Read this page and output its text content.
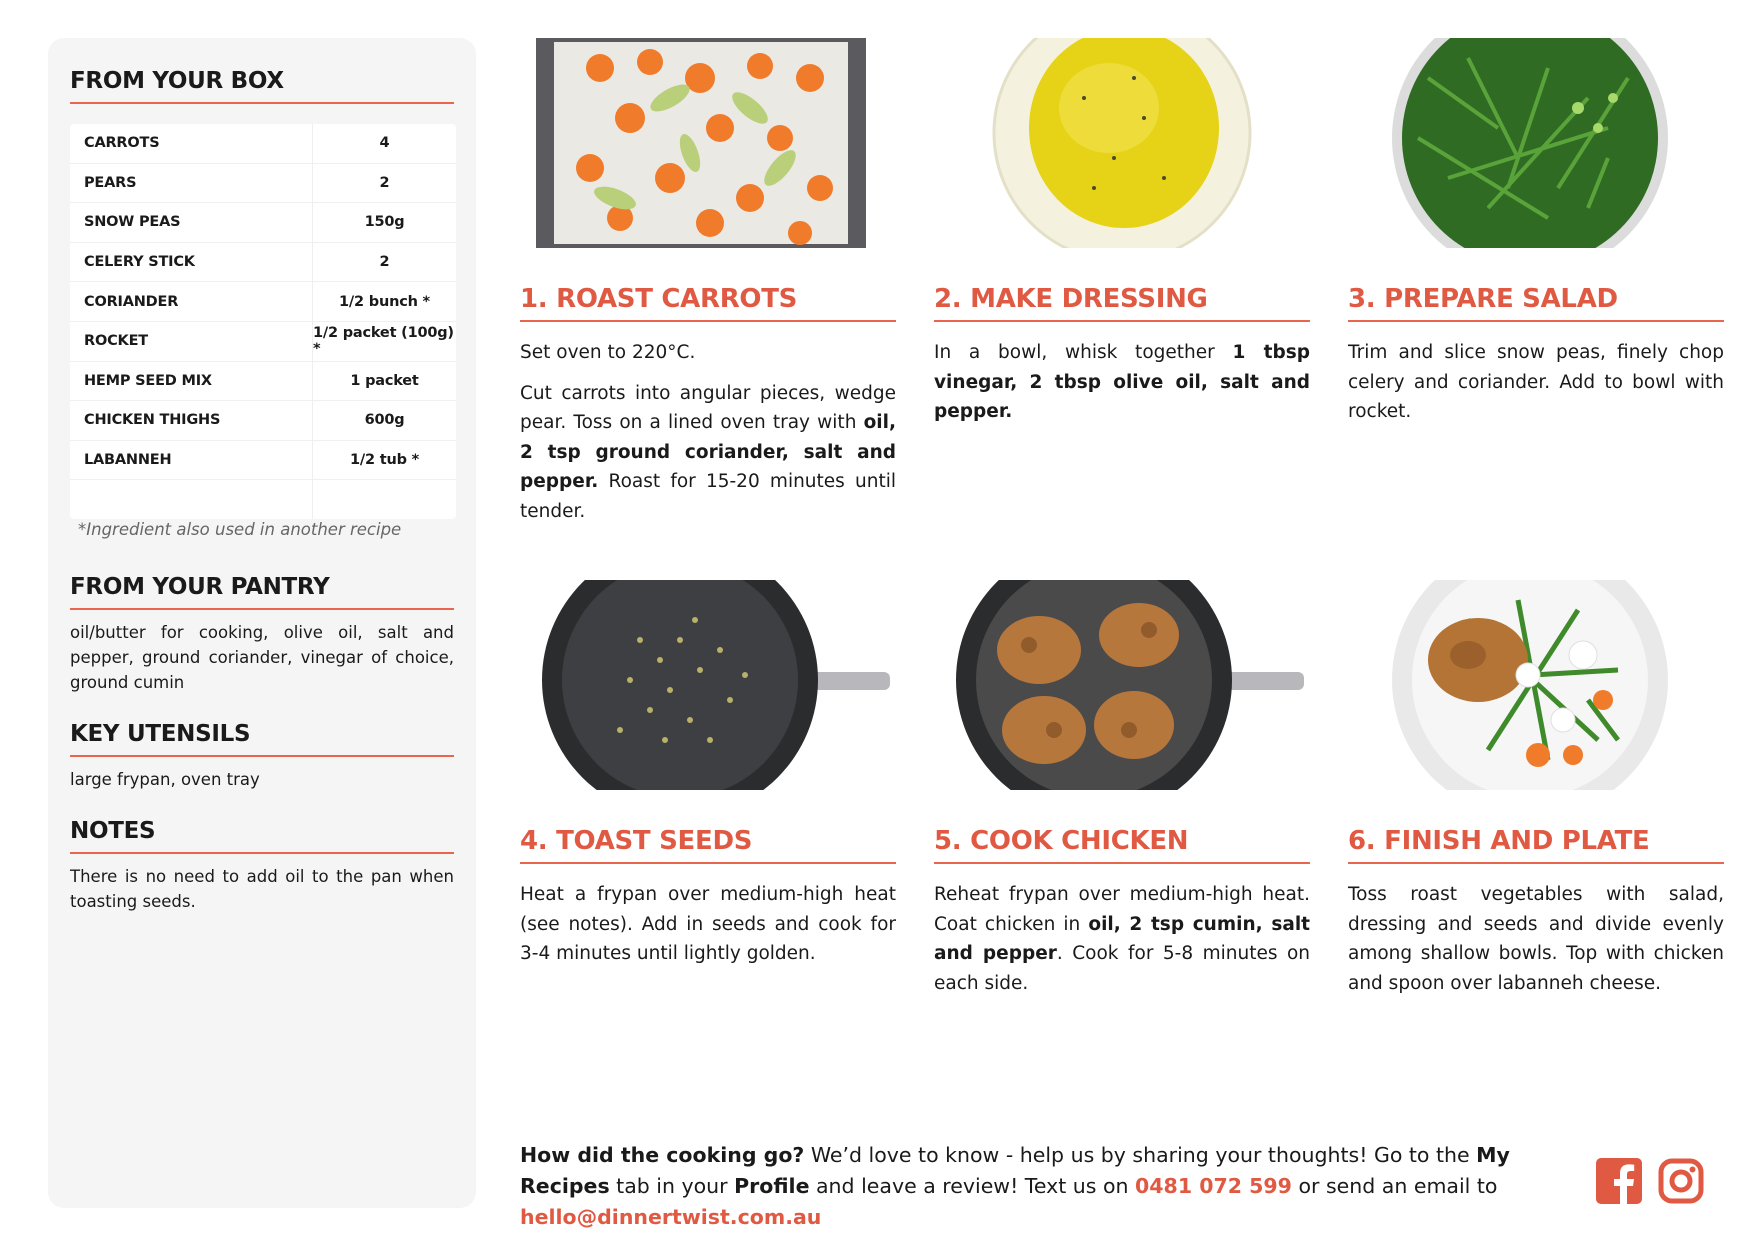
FROM YOUR BOX
CARROTS	4
PEARS	2
SNOW PEAS	150g
CELERY STICK	2
CORIANDER	1/2 bunch *
ROCKET	1/2 packet (100g) *
HEMP SEED MIX	1 packet
CHICKEN THIGHS	600g
LABANNEH	1/2 tub *
*Ingredient also used in another recipe
FROM YOUR PANTRY
oil/butter for cooking, olive oil, salt and pepper, ground coriander, vinegar of choice, ground cumin
KEY UTENSILS
large frypan, oven tray
NOTES
There is no need to add oil to the pan when toasting seeds.
1. ROAST CARROTS

Set oven to 220°C.

Cut carrots into angular pieces, wedge pear. Toss on a lined oven tray with oil, 2 tsp ground coriander, salt and pepper. Roast for 15-20 minutes until tender.

2. MAKE DRESSING

In a bowl, whisk together 1 tbsp vinegar, 2 tbsp olive oil, salt and pepper.

3. PREPARE SALAD

Trim and slice snow peas, finely chop celery and coriander. Add to bowl with rocket.

4. TOAST SEEDS

Heat a frypan over medium-high heat (see notes). Add in seeds and cook for 3-4 minutes until lightly golden.

5. COOK CHICKEN

Reheat frypan over medium-high heat. Coat chicken in oil, 2 tsp cumin, salt and pepper. Cook for 5-8 minutes on each side.

6. FINISH AND PLATE

Toss roast vegetables with salad, dressing and seeds and divide evenly among shallow bowls. Top with chicken and spoon over labanneh cheese.

How did the cooking go? We’d love to know - help us by sharing your thoughts! Go to the My Recipes tab in your Profile and leave a review! Text us on 0481 072 599 or send an email to hello@dinnertwist.com.au
